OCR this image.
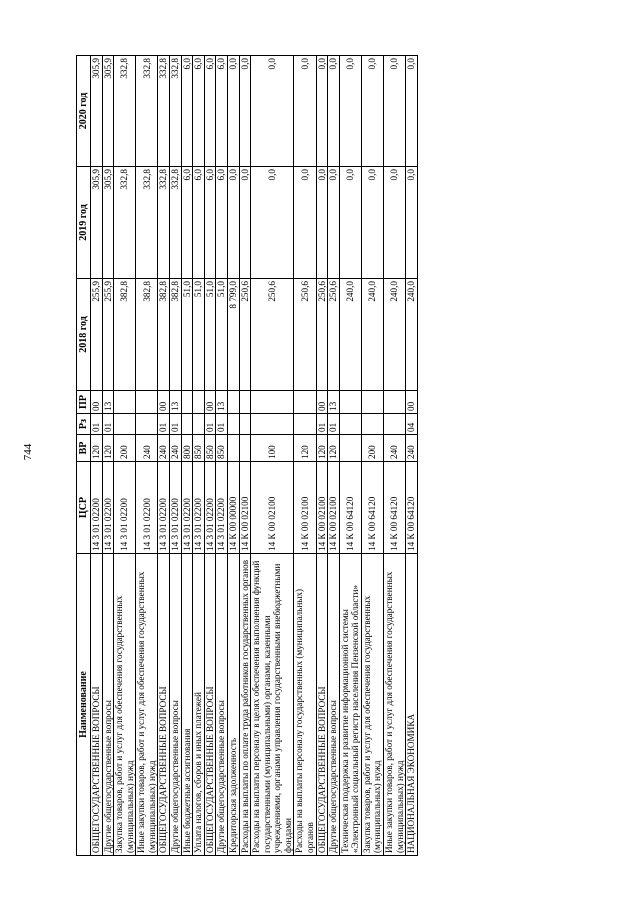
744
Наименование	ЦСР	ВР	Рз	ПР	2018 год	2019 год	2020 год
ОБЩЕГОСУДАРСТВЕННЫЕ ВОПРОСЫ	14 3 01 02200	120	01	00	255,9	305,9	305,9
Другие общегосударственные вопросы	14 3 01 02200	120	01	13	255,9	305,9	305,9
Закупка товаров, работ и услуг для обеспечения государственных (муниципальных) нужд	14 3 01 02200	200			382,8	332,8	332,8
Иные закупки товаров, работ и услуг для обеспечения государственных (муниципальных) нужд	14 3 01 02200	240			382,8	332,8	332,8
ОБЩЕГОСУДАРСТВЕННЫЕ ВОПРОСЫ	14 3 01 02200	240	01	00	382,8	332,8	332,8
Другие общегосударственные вопросы	14 3 01 02200	240	01	13	382,8	332,8	332,8
Иные бюджетные ассигнования	14 3 01 02200	800			51,0	6,0	6,0
Уплата налогов, сборов и иных платежей	14 3 01 02200	850			51,0	6,0	6,0
ОБЩЕГОСУДАРСТВЕННЫЕ ВОПРОСЫ	14 3 01 02200	850	01	00	51,0	6,0	6,0
Другие общегосударственные вопросы	14 3 01 02200	850	01	13	51,0	6,0	6,0
Кредиторская задолженность	14 К 00 00000				8 799,0	0,0	0,0
Расходы на выплаты по оплате труда работников государственных органов	14 К 00 02100				250,6	0,0	0,0
Расходы на выплаты персоналу в целях обеспечения выполнения функций государственными (муниципальными) органами, казенными учреждениями, органами управления государственными внебюджетными фондами	14 К 00 02100	100			250,6	0,0	0,0
Расходы на выплаты персоналу государственных (муниципальных) органов	14 К 00 02100	120			250,6	0,0	0,0
ОБЩЕГОСУДАРСТВЕННЫЕ ВОПРОСЫ	14 К 00 02100	120	01	00	250,6	0,0	0,0
Другие общегосударственные вопросы	14 К 00 02100	120	01	13	250,6	0,0	0,0
Техническая поддержка и развитие информационной системы «Электронный социальный регистр населения Пензенской области»	14 К 00 64120				240,0	0,0	0,0
Закупка товаров, работ и услуг для обеспечения государственных (муниципальных) нужд	14 К 00 64120	200			240,0	0,0	0,0
Иные закупки товаров, работ и услуг для обеспечения государственных (муниципальных) нужд	14 К 00 64120	240			240,0	0,0	0,0
НАЦИОНАЛЬНАЯ ЭКОНОМИКА	14 К 00 64120	240	04	00	240,0	0,0	0,0
